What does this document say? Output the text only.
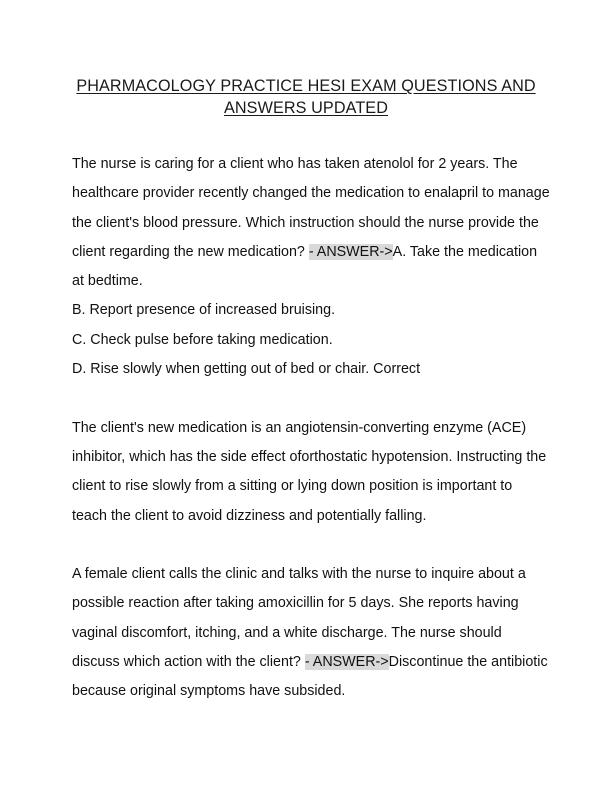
PHARMACOLOGY PRACTICE HESI EXAM QUESTIONS AND
ANSWERS UPDATED

The nurse is caring for a client who has taken atenolol for 2 years. The healthcare provider recently changed the medication to enalapril to manage the client's blood pressure. Which instruction should the nurse provide the client regarding the new medication? - ANSWER->A. Take the medication at bedtime.

B. Report presence of increased bruising.

C. Check pulse before taking medication.

D. Rise slowly when getting out of bed or chair. Correct

The client's new medication is an angiotensin-converting enzyme (ACE) inhibitor, which has the side effect oforthostatic hypotension. Instructing the client to rise slowly from a sitting or lying down position is important to teach the client to avoid dizziness and potentially falling.

A female client calls the clinic and talks with the nurse to inquire about a possible reaction after taking amoxicillin for 5 days. She reports having vaginal discomfort, itching, and a white discharge. The nurse should discuss which action with the client? - ANSWER->Discontinue the antibiotic because original symptoms have subsided.
